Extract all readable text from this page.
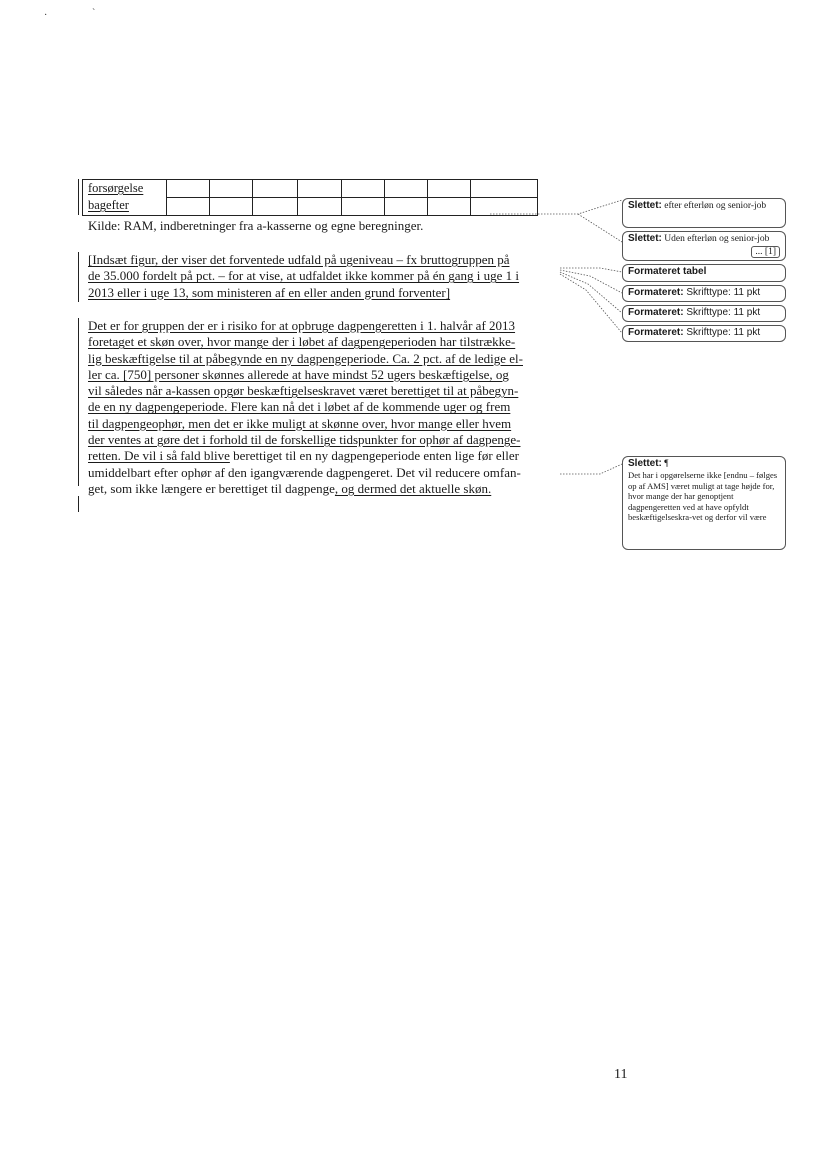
·	`
forsørgelse
bagefter								

Kilde: RAM, indberetninger fra a-kasserne og egne beregninger.
[Indsæt figur, der viser det forventede udfald på ugeniveau – fx bruttogruppen på
de 35.000 fordelt på pct. – for at vise, at udfaldet ikke kommer på én gang i uge 1 i
2013 eller i uge 13, som ministeren af en eller anden grund forventer]
Det er for gruppen der er i risiko for at opbruge dagpengeretten i 1. halvår af 2013
foretaget et skøn over, hvor mange der i løbet af dagpengeperioden har tilstrække-
lig beskæftigelse til at påbegynde en ny dagpengeperiode. Ca. 2 pct. af de ledige el-
ler ca. [750] personer skønnes allerede at have mindst 52 ugers beskæftigelse, og
vil således når a-kassen opgør beskæftigelseskravet været berettiget til at påbegyn-
de en ny dagpengeperiode. Flere kan nå det i løbet af de kommende uger og frem
til dagpengeophør, men det er ikke muligt at skønne over, hvor mange eller hvem
der ventes at gøre det i forhold til de forskellige tidspunkter for ophør af dagpenge-
retten. De vil i så fald blive berettiget til en ny dagpengeperiode enten lige før eller
umiddelbart efter ophør af den igangværende dagpengeret. Det vil reducere omfan-
get, som ikke længere er berettiget til dagpenge, og dermed det aktuelle skøn.
Slettet: efter efterløn og senior-job
Slettet: Uden efterløn og senior-job
... [1]
Formateret tabel
Formateret: Skrifttype: 11 pkt
Formateret: Skrifttype: 11 pkt
Formateret: Skrifttype: 11 pkt
Slettet: ¶

Det har i opgørelserne ikke [endnu – følges op af AMS] været muligt at tage højde for, hvor mange der har genoptjent dagpengeretten ved at have opfyldt beskæftigelseskra-vet og derfor vil være
11
